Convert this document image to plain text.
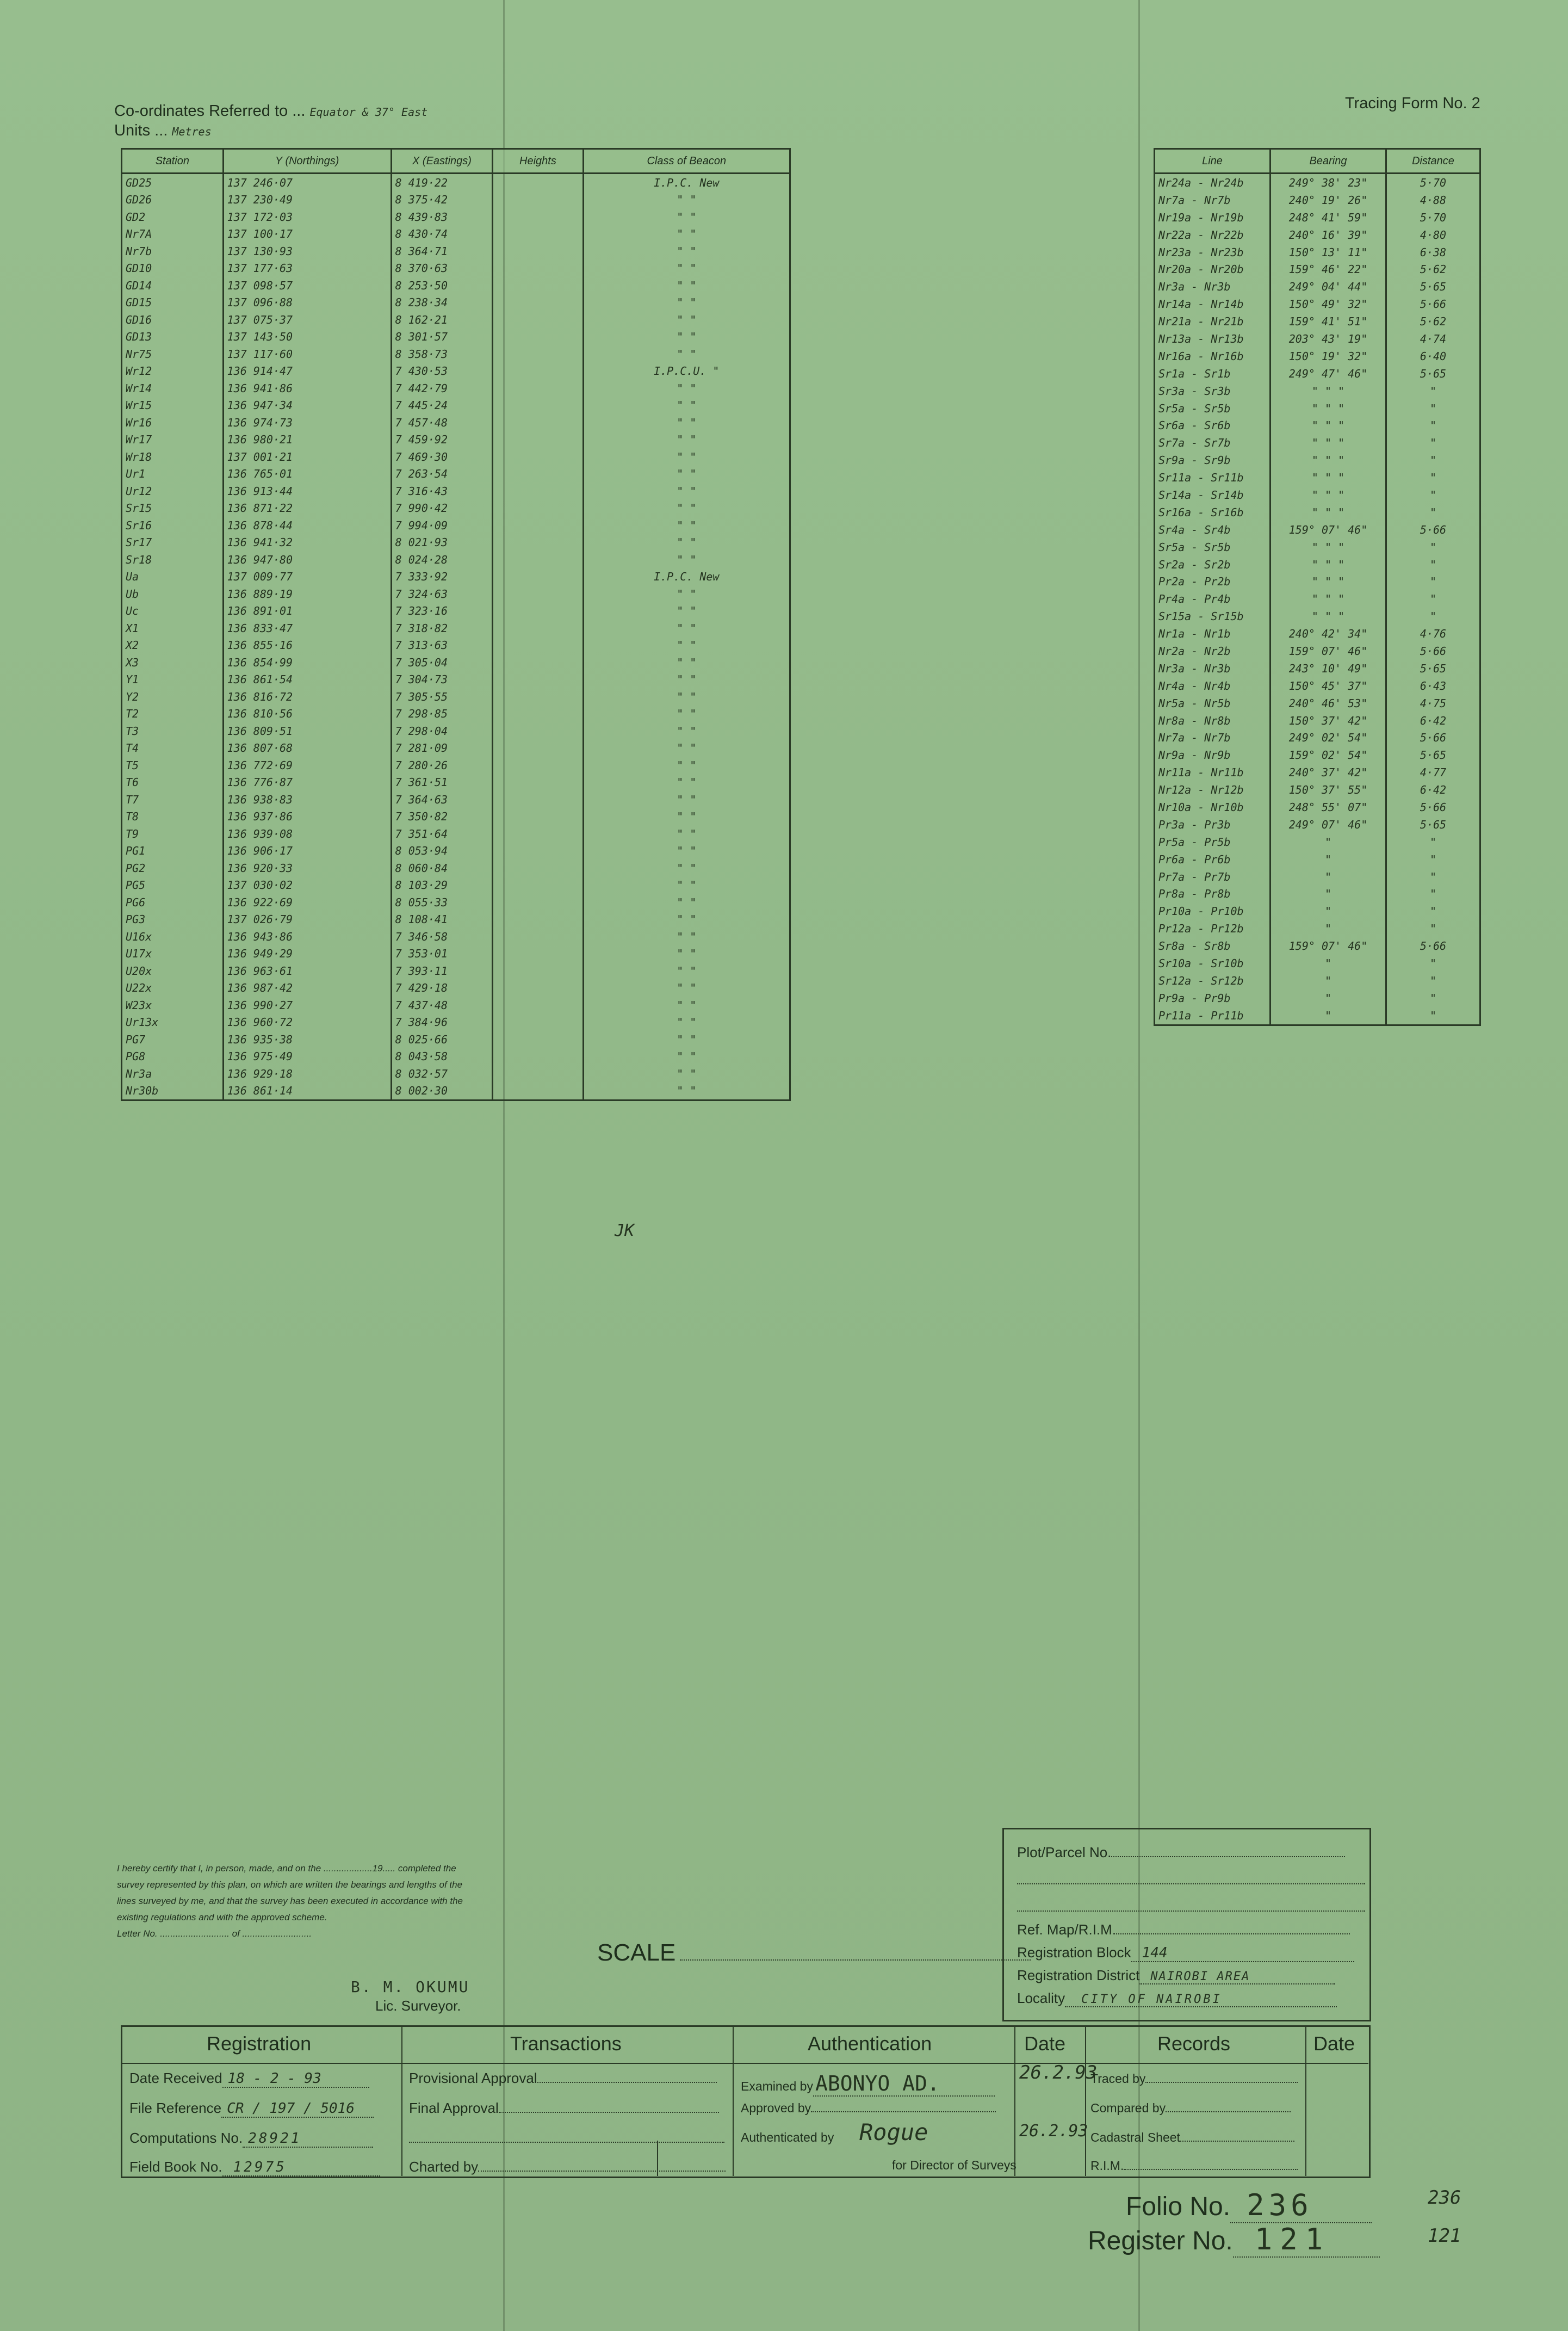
Co-ordinates Referred to ... Equator & 37° East
Units ... Metres
Tracing Form No. 2
Station	Y (Northings)	X (Eastings)	Heights	Class of Beacon
GD25	137 246·07	8 419·22		I.P.C. New
GD26	137 230·49	8 375·42		" "
GD2	137 172·03	8 439·83		" "
Nr7A	137 100·17	8 430·74		" "
Nr7b	137 130·93	8 364·71		" "
GD10	137 177·63	8 370·63		" "
GD14	137 098·57	8 253·50		" "
GD15	137 096·88	8 238·34		" "
GD16	137 075·37	8 162·21		" "
GD13	137 143·50	8 301·57		" "
Nr75	137 117·60	8 358·73		" "
Wr12	136 914·47	7 430·53		I.P.C.U. "
Wr14	136 941·86	7 442·79		" "
Wr15	136 947·34	7 445·24		" "
Wr16	136 974·73	7 457·48		" "
Wr17	136 980·21	7 459·92		" "
Wr18	137 001·21	7 469·30		" "
Ur1	136 765·01	7 263·54		" "
Ur12	136 913·44	7 316·43		" "
Sr15	136 871·22	7 990·42		" "
Sr16	136 878·44	7 994·09		" "
Sr17	136 941·32	8 021·93		" "
Sr18	136 947·80	8 024·28		" "
Ua	137 009·77	7 333·92		I.P.C. New
Ub	136 889·19	7 324·63		" "
Uc	136 891·01	7 323·16		" "
X1	136 833·47	7 318·82		" "
X2	136 855·16	7 313·63		" "
X3	136 854·99	7 305·04		" "
Y1	136 861·54	7 304·73		" "
Y2	136 816·72	7 305·55		" "
T2	136 810·56	7 298·85		" "
T3	136 809·51	7 298·04		" "
T4	136 807·68	7 281·09		" "
T5	136 772·69	7 280·26		" "
T6	136 776·87	7 361·51		" "
T7	136 938·83	7 364·63		" "
T8	136 937·86	7 350·82		" "
T9	136 939·08	7 351·64		" "
PG1	136 906·17	8 053·94		" "
PG2	136 920·33	8 060·84		" "
PG5	137 030·02	8 103·29		" "
PG6	136 922·69	8 055·33		" "
PG3	137 026·79	8 108·41		" "
U16x	136 943·86	7 346·58		" "
U17x	136 949·29	7 353·01		" "
U20x	136 963·61	7 393·11		" "
U22x	136 987·42	7 429·18		" "
W23x	136 990·27	7 437·48		" "
Ur13x	136 960·72	7 384·96		" "
PG7	136 935·38	8 025·66		" "
PG8	136 975·49	8 043·58		" "
Nr3a	136 929·18	8 032·57		" "
Nr30b	136 861·14	8 002·30		" "
Line	Bearing	Distance
Nr24a - Nr24b	249° 38' 23"	5·70
Nr7a - Nr7b	240° 19' 26"	4·88
Nr19a - Nr19b	248° 41' 59"	5·70
Nr22a - Nr22b	240° 16' 39"	4·80
Nr23a - Nr23b	150° 13' 11"	6·38
Nr20a - Nr20b	159° 46' 22"	5·62
Nr3a - Nr3b	249° 04' 44"	5·65
Nr14a - Nr14b	150° 49' 32"	5·66
Nr21a - Nr21b	159° 41' 51"	5·62
Nr13a - Nr13b	203° 43' 19"	4·74
Nr16a - Nr16b	150° 19' 32"	6·40
Sr1a - Sr1b	249° 47' 46"	5·65
Sr3a - Sr3b	" " "	"
Sr5a - Sr5b	" " "	"
Sr6a - Sr6b	" " "	"
Sr7a - Sr7b	" " "	"
Sr9a - Sr9b	" " "	"
Sr11a - Sr11b	" " "	"
Sr14a - Sr14b	" " "	"
Sr16a - Sr16b	" " "	"
Sr4a - Sr4b	159° 07' 46"	5·66
Sr5a - Sr5b	" " "	"
Sr2a - Sr2b	" " "	"
Pr2a - Pr2b	" " "	"
Pr4a - Pr4b	" " "	"
Sr15a - Sr15b	" " "	"
Nr1a - Nr1b	240° 42' 34"	4·76
Nr2a - Nr2b	159° 07' 46"	5·66
Nr3a - Nr3b	243° 10' 49"	5·65
Nr4a - Nr4b	150° 45' 37"	6·43
Nr5a - Nr5b	240° 46' 53"	4·75
Nr8a - Nr8b	150° 37' 42"	6·42
Nr7a - Nr7b	249° 02' 54"	5·66
Nr9a - Nr9b	159° 02' 54"	5·65
Nr11a - Nr11b	240° 37' 42"	4·77
Nr12a - Nr12b	150° 37' 55"	6·42
Nr10a - Nr10b	248° 55' 07"	5·66
Pr3a - Pr3b	249° 07' 46"	5·65
Pr5a - Pr5b	"	"
Pr6a - Pr6b	"	"
Pr7a - Pr7b	"	"
Pr8a - Pr8b	"	"
Pr10a - Pr10b	"	"
Pr12a - Pr12b	"	"
Sr8a - Sr8b	159° 07' 46"	5·66
Sr10a - Sr10b	"	"
Sr12a - Sr12b	"	"
Pr9a - Pr9b	"	"
Pr11a - Pr11b	"	"
JK
I hereby certify that I, in person, made, and on the ...................19..... completed the survey represented by this plan, on which are written the bearings and lengths of the lines surveyed by me, and that the survey has been executed in accordance with the existing regulations and with the approved scheme.
Letter No. ........................... of ...........................
B. M. OKUMU
Lic. Surveyor.
SCALE
Plot/Parcel No.
Ref. Map/R.I.M.
Registration Block 144
Registration District NAIROBI AREA
Locality CITY OF NAIROBI
Registration	Transactions	Authentication	Date	Records	Date
Date Received 18 - 2 - 93
File Reference CR / 197 / 5016
Computations No. 28921
Field Book No. 12975
Provisional Approval
Final Approval
Charted by
Examined by ABONYO AD.	26.2.93
Approved by
Authenticated by Rogue	26.2.93
for Director of Surveys
Traced by
Compared by
Cadastral Sheet
R.I.M.
Folio No. 236	236
Register No. 121	121
